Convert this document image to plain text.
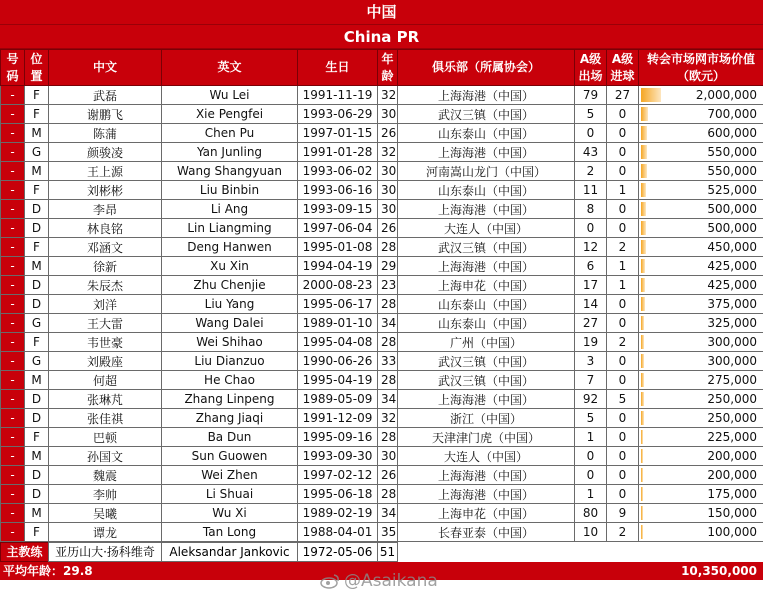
中国
China PR
号码	位置	中文	英文	生日	年龄	俱乐部（所属协会）	A级出场	A级进球	转会市场网市场价值（欧元）
-	F	武磊	Wu Lei	1991-11-19	32	上海海港（中国）	79	27	2,000,000
-	F	谢鹏飞	Xie Pengfei	1993-06-29	30	武汉三镇（中国）	5	0	700,000
-	M	陈蒲	Chen Pu	1997-01-15	26	山东泰山（中国）	0	0	600,000
-	G	颜骏凌	Yan Junling	1991-01-28	32	上海海港（中国）	43	0	550,000
-	M	王上源	Wang Shangyuan	1993-06-02	30	河南嵩山龙门（中国）	2	0	550,000
-	F	刘彬彬	Liu Binbin	1993-06-16	30	山东泰山（中国）	11	1	525,000
-	D	李昂	Li Ang	1993-09-15	30	上海海港（中国）	8	0	500,000
-	D	林良铭	Lin Liangming	1997-06-04	26	大连人（中国）	0	0	500,000
-	F	邓涵文	Deng Hanwen	1995-01-08	28	武汉三镇（中国）	12	2	450,000
-	M	徐新	Xu Xin	1994-04-19	29	上海海港（中国）	6	1	425,000
-	D	朱辰杰	Zhu Chenjie	2000-08-23	23	上海申花（中国）	17	1	425,000
-	D	刘洋	Liu Yang	1995-06-17	28	山东泰山（中国）	14	0	375,000
-	G	王大雷	Wang Dalei	1989-01-10	34	山东泰山（中国）	27	0	325,000
-	F	韦世豪	Wei Shihao	1995-04-08	28	广州（中国）	19	2	300,000
-	G	刘殿座	Liu Dianzuo	1990-06-26	33	武汉三镇（中国）	3	0	300,000
-	M	何超	He Chao	1995-04-19	28	武汉三镇（中国）	7	0	275,000
-	D	张琳芃	Zhang Linpeng	1989-05-09	34	上海海港（中国）	92	5	250,000
-	D	张佳祺	Zhang Jiaqi	1991-12-09	32	浙江（中国）	5	0	250,000
-	F	巴顿	Ba Dun	1995-09-16	28	天津津门虎（中国）	1	0	225,000
-	M	孙国文	Sun Guowen	1993-09-30	30	大连人（中国）	0	0	200,000
-	D	魏震	Wei Zhen	1997-02-12	26	上海海港（中国）	0	0	200,000
-	D	李帅	Li Shuai	1995-06-18	28	上海海港（中国）	1	0	175,000
-	M	吴曦	Wu Xi	1989-02-19	34	上海申花（中国）	80	9	150,000
-	F	谭龙	Tan Long	1988-04-01	35	长春亚泰（中国）	10	2	100,000
主教练	亚历山大·扬科维奇	Aleksandar Jankovic	1972-05-06 51
平均年龄：29.8	10,350,000
@Asaikana
